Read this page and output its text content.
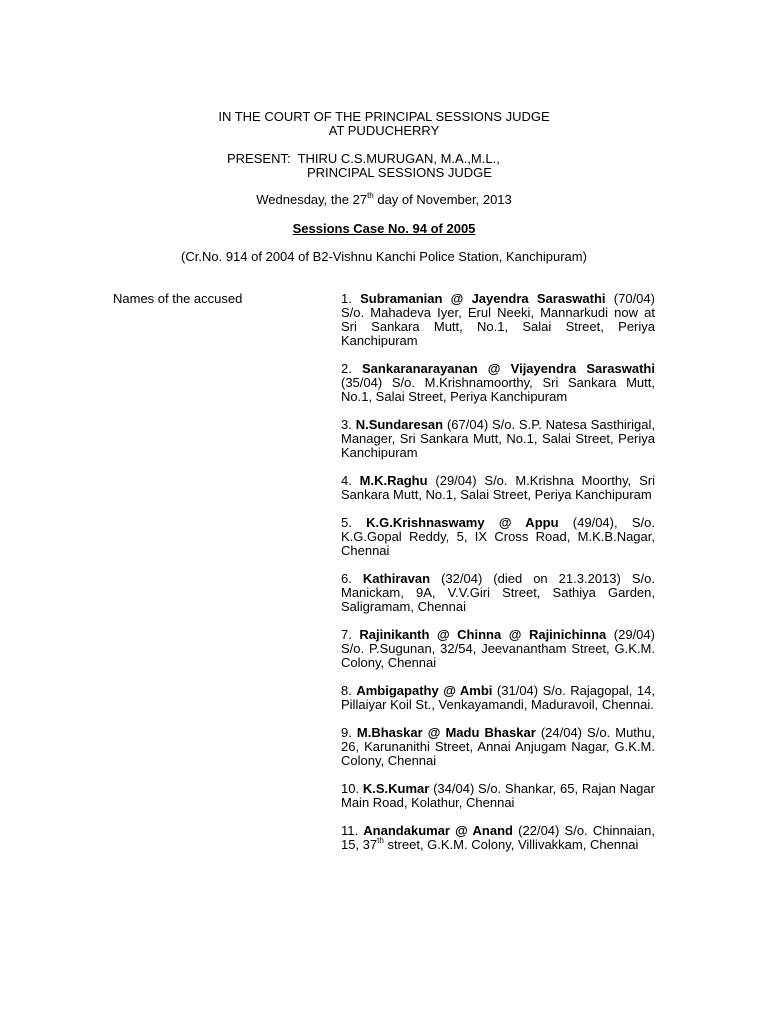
IN THE COURT OF THE PRINCIPAL SESSIONS JUDGE
AT PUDUCHERRY
PRESENT: THIRU C.S.MURUGAN, M.A.,M.L.,
PRINCIPAL SESSIONS JUDGE
Wednesday, the 27th day of November, 2013
Sessions Case No. 94 of 2005
(Cr.No. 914 of 2004 of B2-Vishnu Kanchi Police Station, Kanchipuram)
Names of the accused	1. Subramanian @ Jayendra Saraswathi (70/04) S/o. Mahadeva Iyer, Erul Neeki, Mannarkudi now at Sri Sankara Mutt, No.1, Salai Street, Periya Kanchipuram

2. Sankaranarayanan @ Vijayendra Saraswathi (35/04) S/o. M.Krishnamoorthy, Sri Sankara Mutt, No.1, Salai Street, Periya Kanchipuram

3. N.Sundaresan (67/04) S/o. S.P. Natesa Sasthirigal, Manager, Sri Sankara Mutt, No.1, Salai Street, Periya Kanchipuram

4. M.K.Raghu (29/04) S/o. M.Krishna Moorthy, Sri Sankara Mutt, No.1, Salai Street, Periya Kanchipuram

5. K.G.Krishnaswamy @ Appu (49/04), S/o. K.G.Gopal Reddy, 5, IX Cross Road, M.K.B.Nagar, Chennai

6. Kathiravan (32/04) (died on 21.3.2013) S/o. Manickam, 9A, V.V.Giri Street, Sathiya Garden, Saligramam, Chennai

7. Rajinikanth @ Chinna @ Rajinichinna (29/04) S/o. P.Sugunan, 32/54, Jeevanantham Street, G.K.M. Colony, Chennai

8. Ambigapathy @ Ambi (31/04) S/o. Rajagopal, 14, Pillaiyar Koil St., Venkayamandi, Maduravoil, Chennai.

9. M.Bhaskar @ Madu Bhaskar (24/04) S/o. Muthu, 26, Karunanithi Street, Annai Anjugam Nagar, G.K.M. Colony, Chennai

10. K.S.Kumar (34/04) S/o. Shankar, 65, Rajan Nagar Main Road, Kolathur, Chennai

11. Anandakumar @ Anand (22/04) S/o. Chinnaian, 15, 37th street, G.K.M. Colony, Villivakkam, Chennai
